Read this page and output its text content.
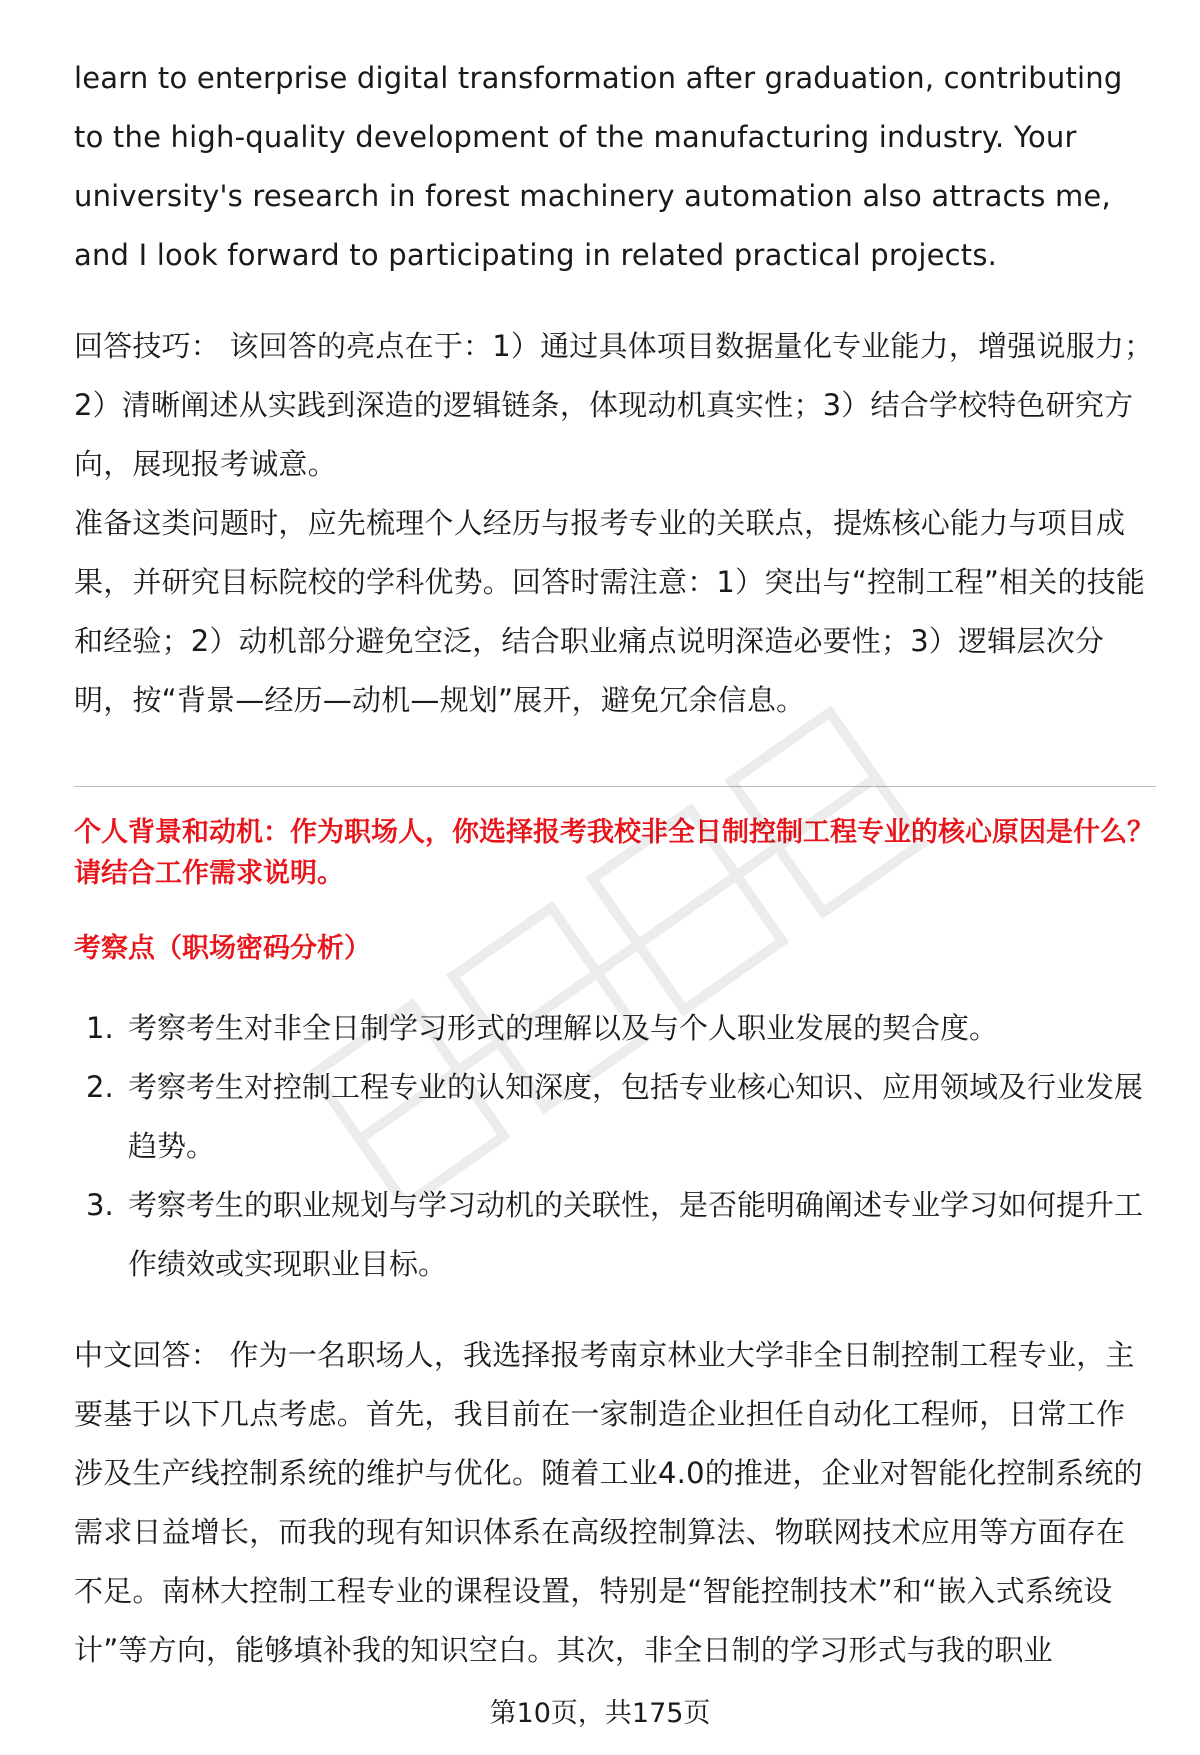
learn to enterprise digital transformation after graduation, contributing to the high-quality development of the manufacturing industry. Your university's research in forest machinery automation also attracts me, and I look forward to participating in related practical projects.

回答技巧： 该回答的亮点在于：1）通过具体项目数据量化专业能力，增强说服力；2）清晰阐述从实践到深造的逻辑链条，体现动机真实性；3）结合学校特色研究方向，展现报考诚意。

准备这类问题时，应先梳理个人经历与报考专业的关联点，提炼核心能力与项目成果，并研究目标院校的学科优势。回答时需注意：1）突出与“控制工程”相关的技能和经验；2）动机部分避免空泛，结合职业痛点说明深造必要性；3）逻辑层次分明，按“背景—经历—动机—规划”展开，避免冗余信息。

个人背景和动机：作为职场人，你选择报考我校非全日制控制工程专业的核心原因是什么？请结合工作需求说明。

考察点（职场密码分析）

1. 考察考生对非全日制学习形式的理解以及与个人职业发展的契合度。
2. 考察考生对控制工程专业的认知深度，包括专业核心知识、应用领域及行业发展趋势。
3. 考察考生的职业规划与学习动机的关联性，是否能明确阐述专业学习如何提升工作绩效或实现职业目标。

中文回答： 作为一名职场人，我选择报考南京林业大学非全日制控制工程专业，主要基于以下几点考虑。首先，我目前在一家制造企业担任自动化工程师，日常工作涉及生产线控制系统的维护与优化。随着工业4.0的推进，企业对智能化控制系统的需求日益增长，而我的现有知识体系在高级控制算法、物联网技术应用等方面存在不足。南林大控制工程专业的课程设置，特别是“智能控制技术”和“嵌入式系统设计”等方向，能够填补我的知识空白。其次，非全日制的学习形式与我的职业

第10页，共175页
